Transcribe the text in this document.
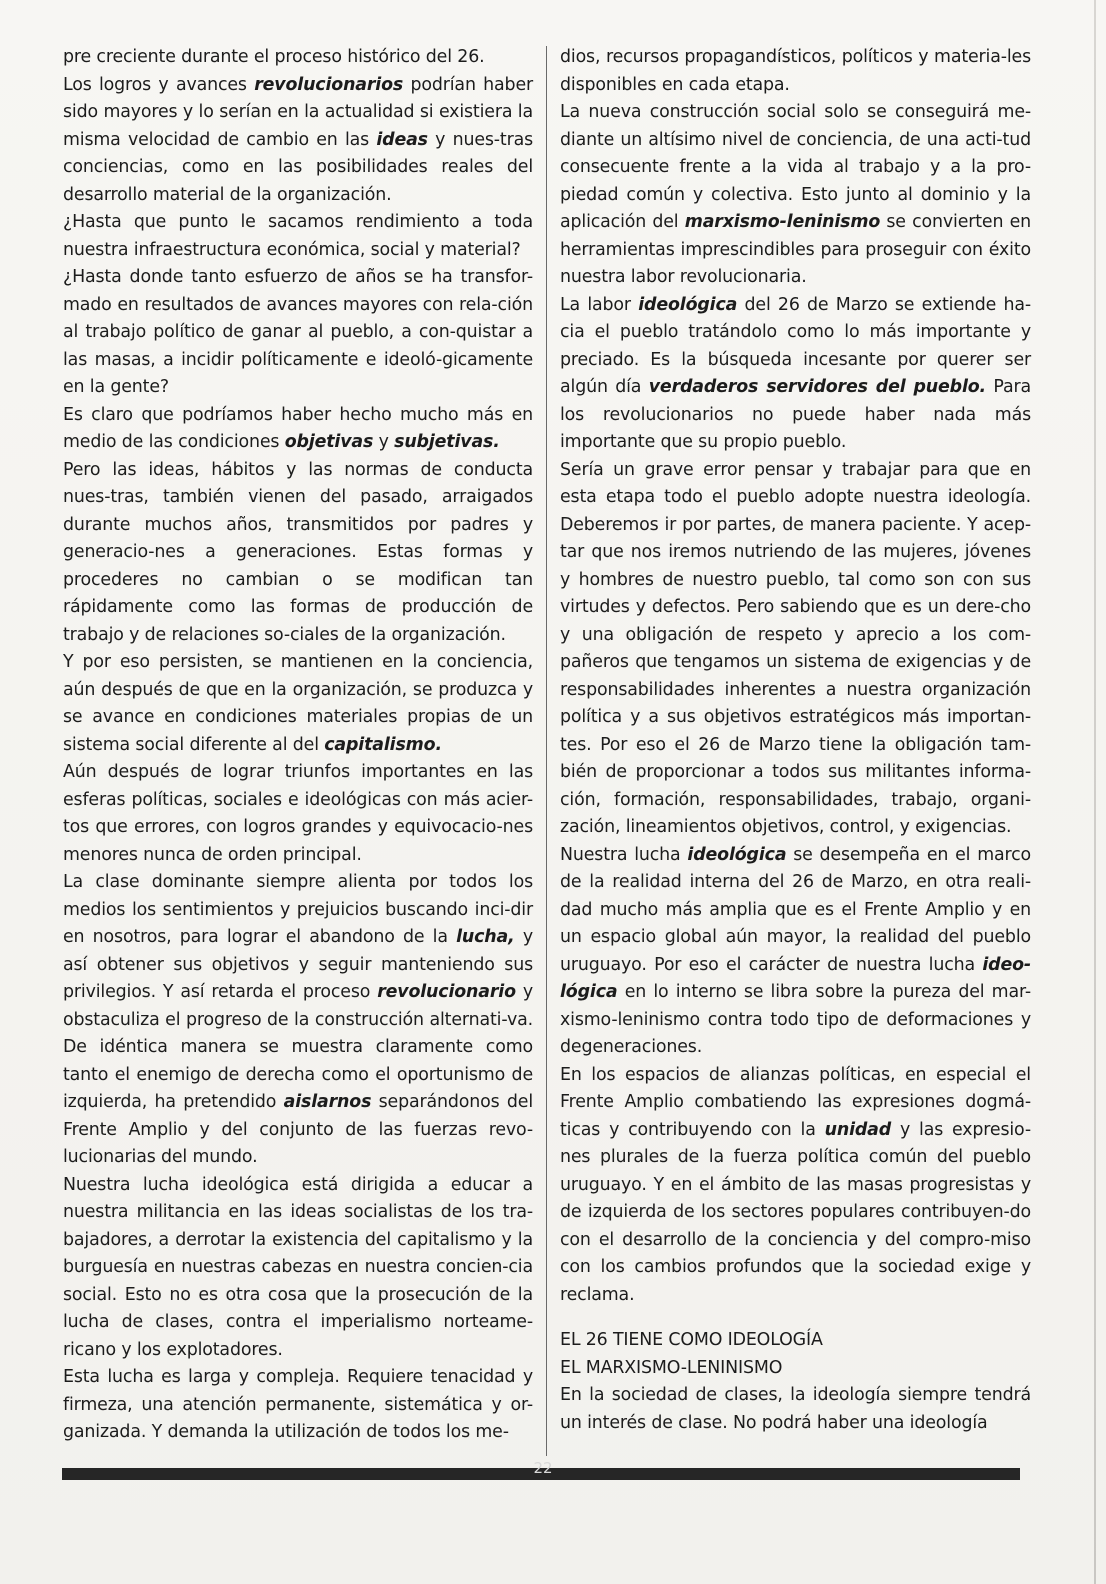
pre creciente durante el proceso histórico del 26.

Los logros y avances revolucionarios podrían haber sido mayores y lo serían en la actualidad si existiera la misma velocidad de cambio en las ideas y nues-tras conciencias, como en las posibilidades reales del desarrollo material de la organización.

¿Hasta que punto le sacamos rendimiento a toda nuestra infraestructura económica, social y material?

¿Hasta donde tanto esfuerzo de años se ha transfor-mado en resultados de avances mayores con rela-ción al trabajo político de ganar al pueblo, a con-quistar a las masas, a incidir políticamente e ideoló-gicamente en la gente?

Es claro que podríamos haber hecho mucho más en medio de las condiciones objetivas y subjetivas.

Pero las ideas, hábitos y las normas de conducta nues-tras, también vienen del pasado, arraigados durante muchos años, transmitidos por padres y generacio-nes a generaciones. Estas formas y procederes no cambian o se modifican tan rápidamente como las formas de producción de trabajo y de relaciones so-ciales de la organización.

Y por eso persisten, se mantienen en la conciencia, aún después de que en la organización, se produzca y se avance en condiciones materiales propias de un sistema social diferente al del capitalismo.

Aún después de lograr triunfos importantes en las esferas políticas, sociales e ideológicas con más acier-tos que errores, con logros grandes y equivocacio-nes menores nunca de orden principal.

La clase dominante siempre alienta por todos los medios los sentimientos y prejuicios buscando inci-dir en nosotros, para lograr el abandono de la lucha, y así obtener sus objetivos y seguir manteniendo sus privilegios. Y así retarda el proceso revolucionario y obstaculiza el progreso de la construcción alternati-va. De idéntica manera se muestra claramente como tanto el enemigo de derecha como el oportunismo de izquierda, ha pretendido aislarnos separándonos del Frente Amplio y del conjunto de las fuerzas revo-lucionarias del mundo.

Nuestra lucha ideológica está dirigida a educar a nuestra militancia en las ideas socialistas de los tra-bajadores, a derrotar la existencia del capitalismo y la burguesía en nuestras cabezas en nuestra concien-cia social. Esto no es otra cosa que la prosecución de la lucha de clases, contra el imperialismo norteame-ricano y los explotadores.

Esta lucha es larga y compleja. Requiere tenacidad y firmeza, una atención permanente, sistemática y or-ganizada. Y demanda la utilización de todos los me-

dios, recursos propagandísticos, políticos y materia-les disponibles en cada etapa.

La nueva construcción social solo se conseguirá me-diante un altísimo nivel de conciencia, de una acti-tud consecuente frente a la vida al trabajo y a la pro-piedad común y colectiva. Esto junto al dominio y la aplicación del marxismo-leninismo se convierten en herramientas imprescindibles para proseguir con éxito nuestra labor revolucionaria.

La labor ideológica del 26 de Marzo se extiende ha-cia el pueblo tratándolo como lo más importante y preciado. Es la búsqueda incesante por querer ser algún día verdaderos servidores del pueblo. Para los revolucionarios no puede haber nada más importante que su propio pueblo.

Sería un grave error pensar y trabajar para que en esta etapa todo el pueblo adopte nuestra ideología. Deberemos ir por partes, de manera paciente. Y acep-tar que nos iremos nutriendo de las mujeres, jóvenes y hombres de nuestro pueblo, tal como son con sus virtudes y defectos. Pero sabiendo que es un dere-cho y una obligación de respeto y aprecio a los com-pañeros que tengamos un sistema de exigencias y de responsabilidades inherentes a nuestra organización política y a sus objetivos estratégicos más importan-tes. Por eso el 26 de Marzo tiene la obligación tam-bién de proporcionar a todos sus militantes informa-ción, formación, responsabilidades, trabajo, organi-zación, lineamientos objetivos, control, y exigencias.

Nuestra lucha ideológica se desempeña en el marco de la realidad interna del 26 de Marzo, en otra reali-dad mucho más amplia que es el Frente Amplio y en un espacio global aún mayor, la realidad del pueblo uruguayo. Por eso el carácter de nuestra lucha ideo-lógica en lo interno se libra sobre la pureza del mar-xismo-leninismo contra todo tipo de deformaciones y degeneraciones.

En los espacios de alianzas políticas, en especial el Frente Amplio combatiendo las expresiones dogmá-ticas y contribuyendo con la unidad y las expresio-nes plurales de la fuerza política común del pueblo uruguayo. Y en el ámbito de las masas progresistas y de izquierda de los sectores populares contribuyen-do con el desarrollo de la conciencia y del compro-miso con los cambios profundos que la sociedad exige y reclama.

EL 26 TIENE COMO IDEOLOGÍA
EL MARXISMO-LENINISMO

En la sociedad de clases, la ideología siempre tendrá un interés de clase. No podrá haber una ideología

22
